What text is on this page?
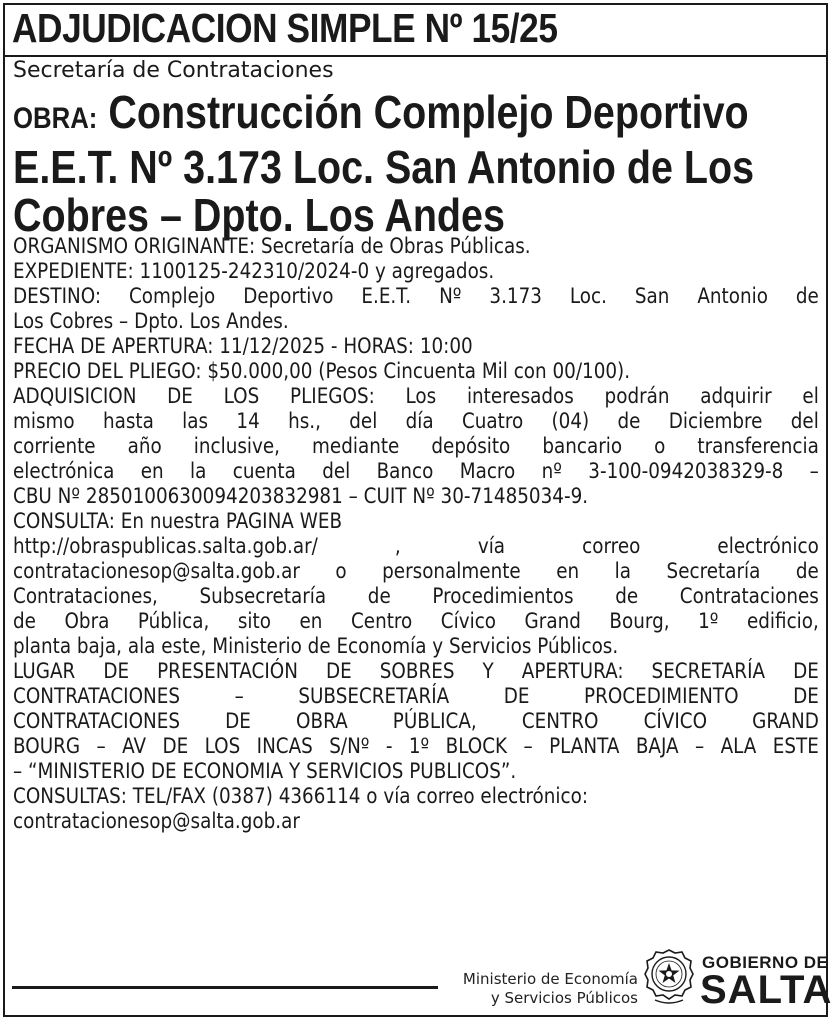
ADJUDICACION SIMPLE Nº 15/25
Secretaría de Contrataciones
OBRA: Construcción Complejo Deportivo
E.E.T. Nº 3.173 Loc. San Antonio de Los
Cobres – Dpto. Los Andes
ORGANISMO ORIGINANTE: Secretaría de Obras Públicas.
EXPEDIENTE: 1100125-242310/2024-0 y agregados.
DESTINO: Complejo Deportivo E.E.T. Nº 3.173 Loc. San Antonio de
Los Cobres – Dpto. Los Andes.
FECHA DE APERTURA: 11/12/2025 - HORAS: 10:00
PRECIO DEL PLIEGO: $50.000,00 (Pesos Cincuenta Mil con 00/100).
ADQUISICION DE LOS PLIEGOS: Los interesados podrán adquirir el
mismo hasta las 14 hs., del día Cuatro (04) de Diciembre del
corriente año inclusive, mediante depósito bancario o transferencia
electrónica en la cuenta del Banco Macro nº 3-100-0942038329-8 –
CBU Nº 2850100630094203832981 – CUIT Nº 30-71485034-9.
CONSULTA: En nuestra PAGINA WEB
http://obraspublicas.salta.gob.ar/ , vía correo electrónico
contratacionesop@salta.gob.ar o personalmente en la Secretaría de
Contrataciones, Subsecretaría de Procedimientos de Contrataciones
de Obra Pública, sito en Centro Cívico Grand Bourg, 1º edificio,
planta baja, ala este, Ministerio de Economía y Servicios Públicos.
LUGAR DE PRESENTACIÓN DE SOBRES Y APERTURA: SECRETARÍA DE
CONTRATACIONES – SUBSECRETARÍA DE PROCEDIMIENTO DE
CONTRATACIONES DE OBRA PÚBLICA, CENTRO CÍVICO GRAND
BOURG – AV DE LOS INCAS S/Nº - 1º BLOCK – PLANTA BAJA – ALA ESTE
– “MINISTERIO DE ECONOMIA Y SERVICIOS PUBLICOS”.
CONSULTAS: TEL/FAX (0387) 4366114 o vía correo electrónico:
contratacionesop@salta.gob.ar
Ministerio de Economía
y Servicios Públicos
GOBIERNO DE
SALTA
